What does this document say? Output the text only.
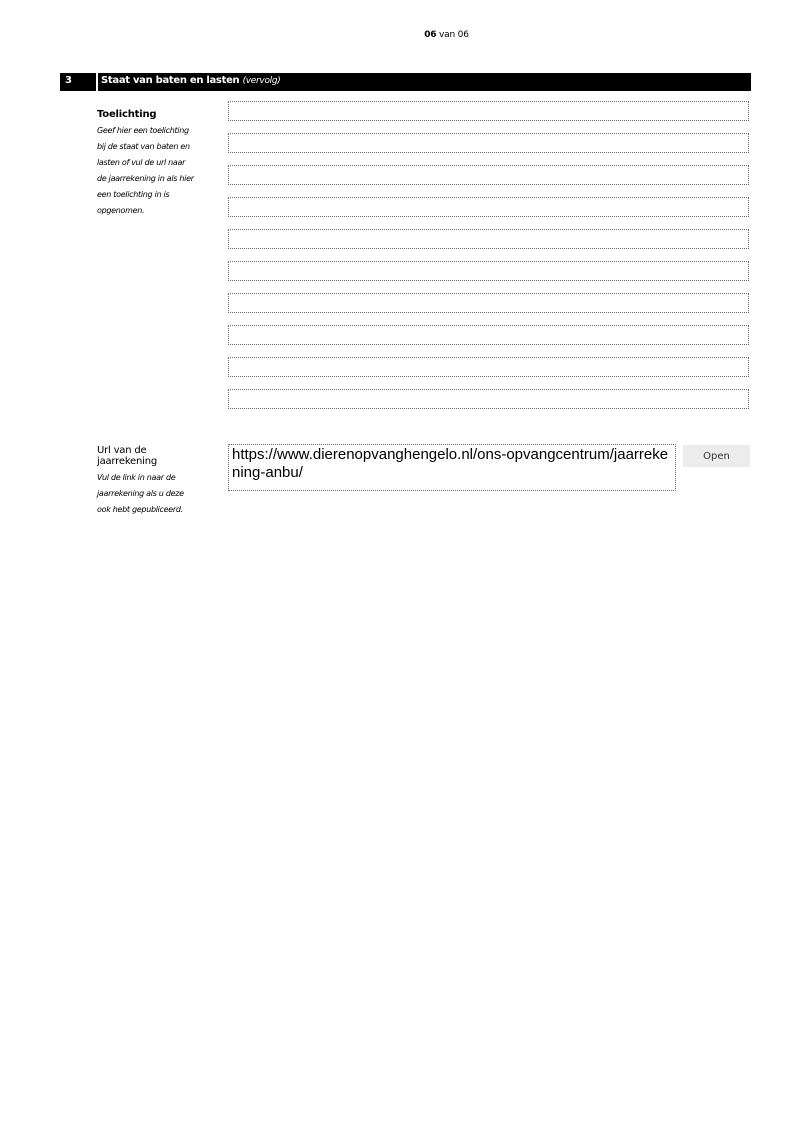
06 van 06
3	Staat van baten en lasten (vervolg)

Toelichting

Geef hier een toelichting
bij de staat van baten en
lasten of vul de url naar
de jaarrekening in als hier
een toelichting in is
opgenomen.

Url van de jaarrekening

Vul de link in naar de
jaarrekening als u deze
ook hebt gepubliceerd.

https://www.dierenopvanghengelo.nl/ons-opvangcentrum/jaarrekening-anbu/
Open
